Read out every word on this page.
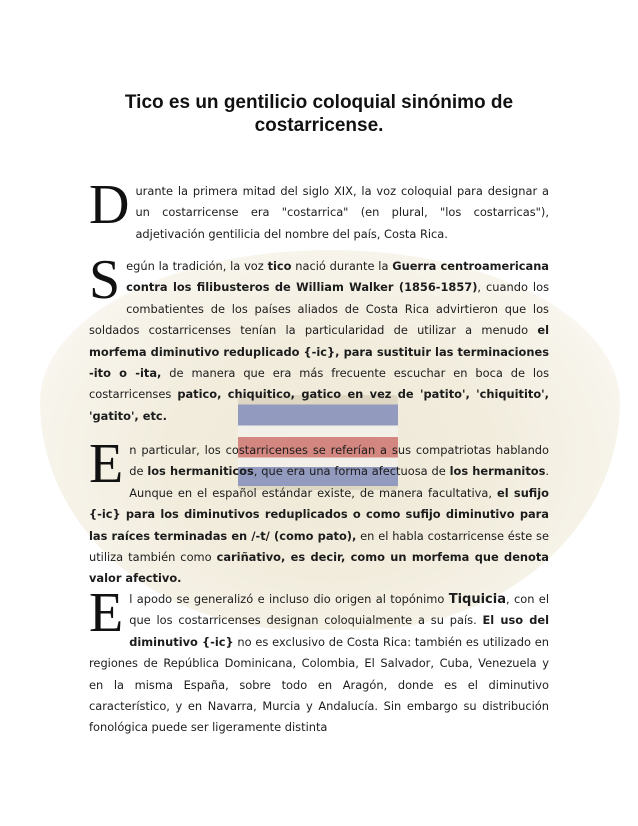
Tico es un gentilicio coloquial sinónimo de costarricense.

Durante la primera mitad del siglo XIX, la voz coloquial para designar a un costarricense era "costarrica" (en plural, "los costarricas"), adjetivación gentilicia del nombre del país, Costa Rica.

Según la tradición, la voz tico nació durante la Guerra centroamericana contra los filibusteros de William Walker (1856-1857), cuando los combatientes de los países aliados de Costa Rica advirtieron que los soldados costarricenses tenían la particularidad de utilizar a menudo el morfema diminutivo reduplicado {-ic}, para sustituir las terminaciones -ito o -ita, de manera que era más frecuente escuchar en boca de los costarricenses patico, chiquitico, gatico en vez de 'patito', 'chiquitito', 'gatito', etc.

En particular, los costarricenses se referían a sus compatriotas hablando de los hermaniticos, que era una forma afectuosa de los hermanitos. Aunque en el español estándar existe, de manera facultativa, el sufijo {-ic} para los diminutivos reduplicados o como sufijo diminutivo para las raíces terminadas en /-t/ (como pato), en el habla costarricense éste se utiliza también como cariñativo, es decir, como un morfema que denota valor afectivo.

El apodo se generalizó e incluso dio origen al topónimo Tiquicia, con el que los costarricenses designan coloquialmente a su país. El uso del diminutivo {-ic} no es exclusivo de Costa Rica: también es utilizado en regiones de República Dominicana, Colombia, El Salvador, Cuba, Venezuela y en la misma España, sobre todo en Aragón, donde es el diminutivo característico, y en Navarra, Murcia y Andalucía. Sin embargo su distribución fonológica puede ser ligeramente distinta
